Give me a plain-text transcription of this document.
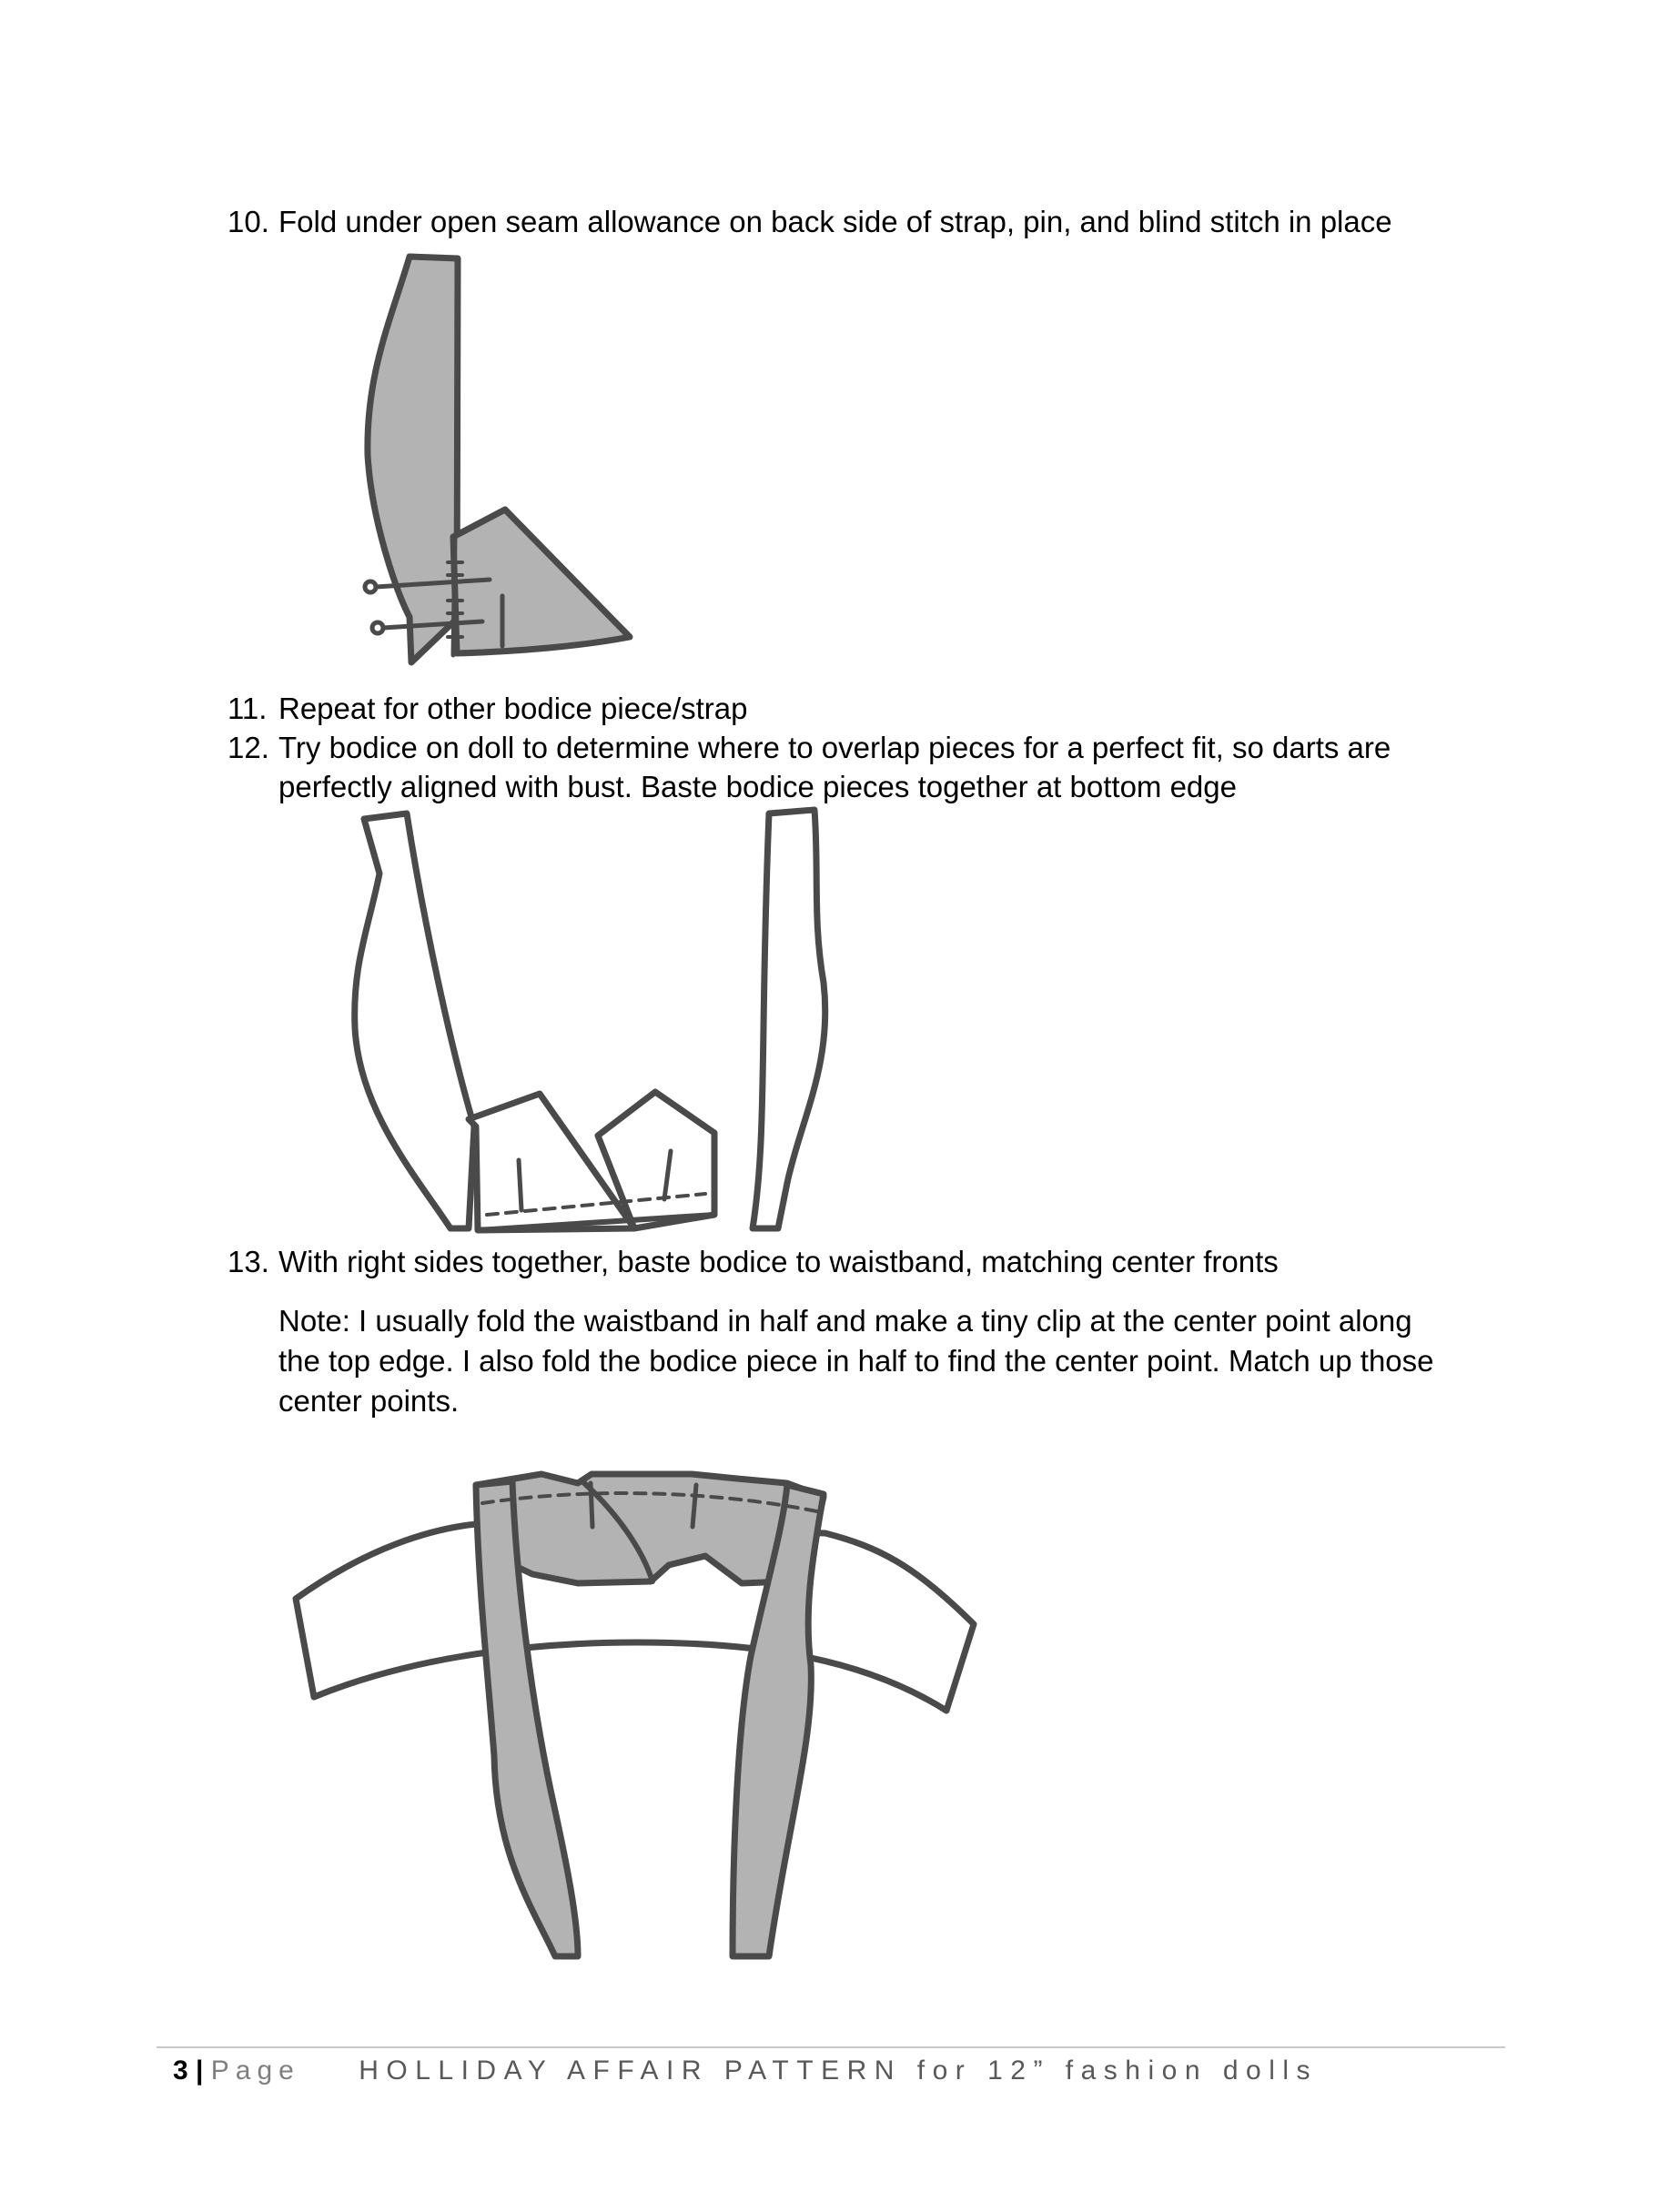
10. Fold under open seam allowance on back side of strap, pin, and blind stitch in place
11. Repeat for other bodice piece/strap
12. Try bodice on doll to determine where to overlap pieces for a perfect fit, so darts are
perfectly aligned with bust. Baste bodice pieces together at bottom edge
13. With right sides together, baste bodice to waistband, matching center fronts
Note: I usually fold the waistband in half and make a tiny clip at the center point along
the top edge. I also fold the bodice piece in half to find the center point. Match up those
center points.
3 | Page HOLLIDAY AFFAIR PATTERN for 12” fashion dolls
